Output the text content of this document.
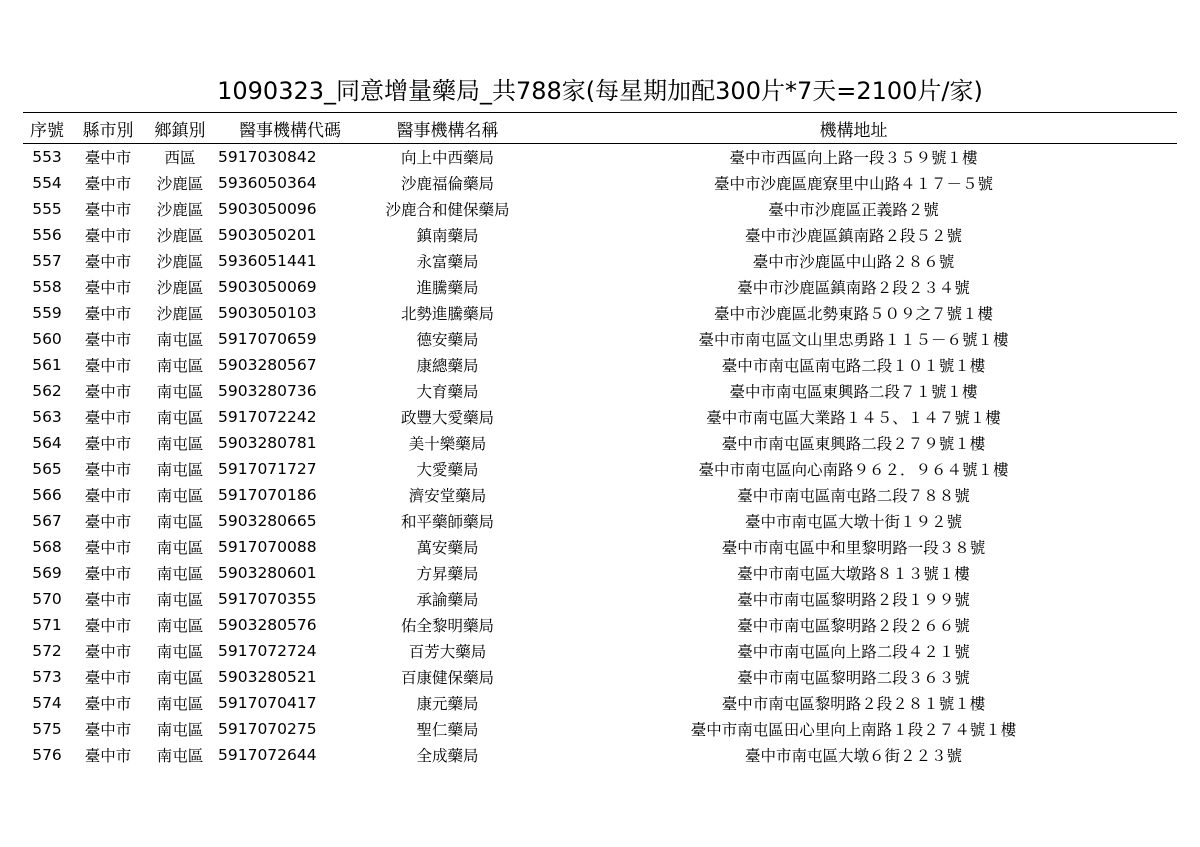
1090323_同意增量藥局_共788家(每星期加配300片*7天=2100片/家)
序號	縣市別	鄉鎮別	醫事機構代碼	醫事機構名稱	機構地址
553	臺中市	西區	5917030842	向上中西藥局	臺中市西區向上路一段３５９號１樓
554	臺中市	沙鹿區	5936050364	沙鹿福倫藥局	臺中市沙鹿區鹿寮里中山路４１７－５號
555	臺中市	沙鹿區	5903050096	沙鹿合和健保藥局	臺中市沙鹿區正義路２號
556	臺中市	沙鹿區	5903050201	鎮南藥局	臺中市沙鹿區鎮南路２段５２號
557	臺中市	沙鹿區	5936051441	永富藥局	臺中市沙鹿區中山路２８６號
558	臺中市	沙鹿區	5903050069	進騰藥局	臺中市沙鹿區鎮南路２段２３４號
559	臺中市	沙鹿區	5903050103	北勢進騰藥局	臺中市沙鹿區北勢東路５０９之７號１樓
560	臺中市	南屯區	5917070659	德安藥局	臺中市南屯區文山里忠勇路１１５－６號１樓
561	臺中市	南屯區	5903280567	康總藥局	臺中市南屯區南屯路二段１０１號１樓
562	臺中市	南屯區	5903280736	大育藥局	臺中市南屯區東興路二段７１號１樓
563	臺中市	南屯區	5917072242	政豐大愛藥局	臺中市南屯區大業路１４５、１４７號１樓
564	臺中市	南屯區	5903280781	美十樂藥局	臺中市南屯區東興路二段２７９號１樓
565	臺中市	南屯區	5917071727	大愛藥局	臺中市南屯區向心南路９６２．９６４號１樓
566	臺中市	南屯區	5917070186	濟安堂藥局	臺中市南屯區南屯路二段７８８號
567	臺中市	南屯區	5903280665	和平藥師藥局	臺中市南屯區大墩十街１９２號
568	臺中市	南屯區	5917070088	萬安藥局	臺中市南屯區中和里黎明路一段３８號
569	臺中市	南屯區	5903280601	方昇藥局	臺中市南屯區大墩路８１３號１樓
570	臺中市	南屯區	5917070355	承諭藥局	臺中市南屯區黎明路２段１９９號
571	臺中市	南屯區	5903280576	佑全黎明藥局	臺中市南屯區黎明路２段２６６號
572	臺中市	南屯區	5917072724	百芳大藥局	臺中市南屯區向上路二段４２１號
573	臺中市	南屯區	5903280521	百康健保藥局	臺中市南屯區黎明路二段３６３號
574	臺中市	南屯區	5917070417	康元藥局	臺中市南屯區黎明路２段２８１號１樓
575	臺中市	南屯區	5917070275	聖仁藥局	臺中市南屯區田心里向上南路１段２７４號１樓
576	臺中市	南屯區	5917072644	全成藥局	臺中市南屯區大墩６街２２３號
